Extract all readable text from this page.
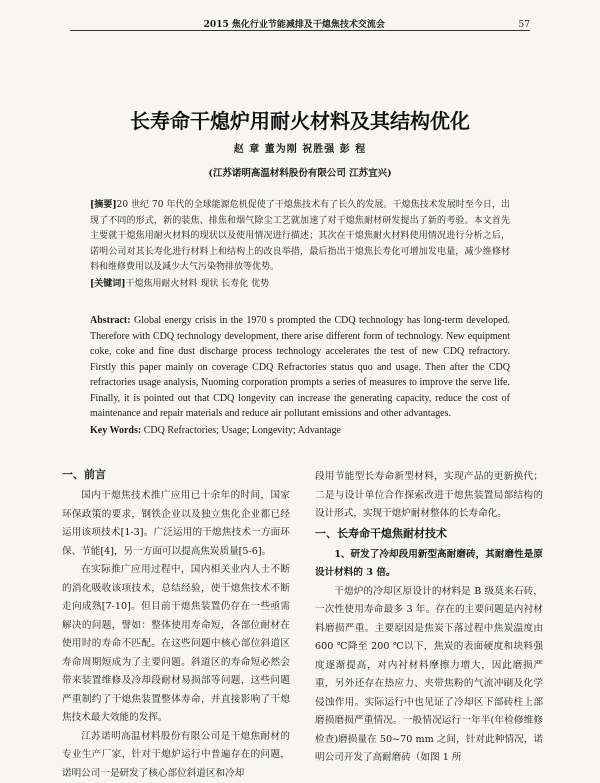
2015 焦化行业节能减排及干熄焦技术交流会	57
长寿命干熄炉用耐火材料及其结构优化
赵 章 董为刚 祝胜强 彭 程
(江苏诺明高温材料股份有限公司 江苏宜兴)
[摘要]20 世纪 70 年代的全球能源危机促使了干熄焦技术有了长久的发展。干熄焦技术发展时至今日，出现了不同的形式，新的装焦、排焦和烟气除尘工艺就加速了对干熄焦耐材研发提出了新的考验。本文首先主要就干熄焦用耐火材料的现状以及使用情况进行描述；其次在干熄焦耐火材料使用情况进行分析之后，诺明公司对其长寿化进行材料上和结构上的改良举措，最后指出干熄焦长寿化可增加发电量，减少维修材料和维修费用以及减少大气污染物排放等优势。
[关键词]干熄焦用耐火材料 现状 长寿化 优势
Abstract: Global energy crisis in the 1970 s prompted the CDQ technology has long-term developed. Therefore with CDQ technology development, there arise different form of technology. New equipment coke, coke and fine dust discharge process technology accelerates the test of new CDQ refractory. Firstly this paper mainly on coverage CDQ Refractories status quo and usage. Then after the CDQ refractories usage analysis, Nuoming corporation prompts a series of measures to improve the serve life. Finally, it is pointed out that CDQ longevity can increase the generating capacity, reduce the cost of maintenance and repair materials and reduce air pollutant emissions and other advantages.
Key Words: CDQ Refractories; Usage; Longevity; Advantage
一、前言

国内干熄焦技术推广应用已十余年的时间，国家环保政策的要求，钢铁企业以及独立焦化企业都已经运用该项技术[1-3]。广泛运用的干熄焦技术一方面环保、节能[4]，另一方面可以提高焦炭质量[5-6]。

在实际推广应用过程中，国内相关业内人士不断的消化吸收该项技术，总结经验，使干熄焦技术不断走向成熟[7-10]。但目前干熄焦装置仍存在一些亟需解决的问题，譬如：整体使用寿命短，各部位耐材在使用时的寿命不匹配。在这些问题中核心部位斜道区寿命周期短成为了主要问题。斜道区的寿命短必然会带来装置维修及冷却段耐材易损部等问题，这些问题严重制约了干熄焦装置整体寿命，并直接影响了干熄焦技术最大效能的发挥。

江苏诺明高温材料股份有限公司是干熄焦耐材的专业生产厂家，针对干熄炉运行中普遍存在的问题，诺明公司一是研发了核心部位斜道区和冷却

段用节能型长寿命新型材料，实现产品的更新换代；二是与设计单位合作探索改进干熄焦装置局部结构的设计形式，实现干熄炉耐材整体的长寿命化。

一、长寿命干熄焦耐材技术

1、研发了冷却段用新型高耐磨砖，其耐磨性是原设计材料的 3 倍。

干熄炉的冷却区原设计的材料是 B 级莫来石砖，一次性使用寿命最多 3 年。存在的主要问题是内衬材料磨损严重。主要原因是焦炭下落过程中焦炭温度由 600 ℃降至 200 ℃以下，焦炭的表面硬度和块料强度逐渐提高，对内衬材料摩擦力增大，因此磨损严重，另外还存在热应力、夹带焦粉的气流冲刷及化学侵蚀作用。实际运行中也见证了冷却区下部砖柱上部磨损磨损严重情况。一般情况运行一年半(年检修维修检查)磨损量在 50~70 mm 之间，针对此种情况，诺明公司开发了高耐磨砖（如图 1 所
